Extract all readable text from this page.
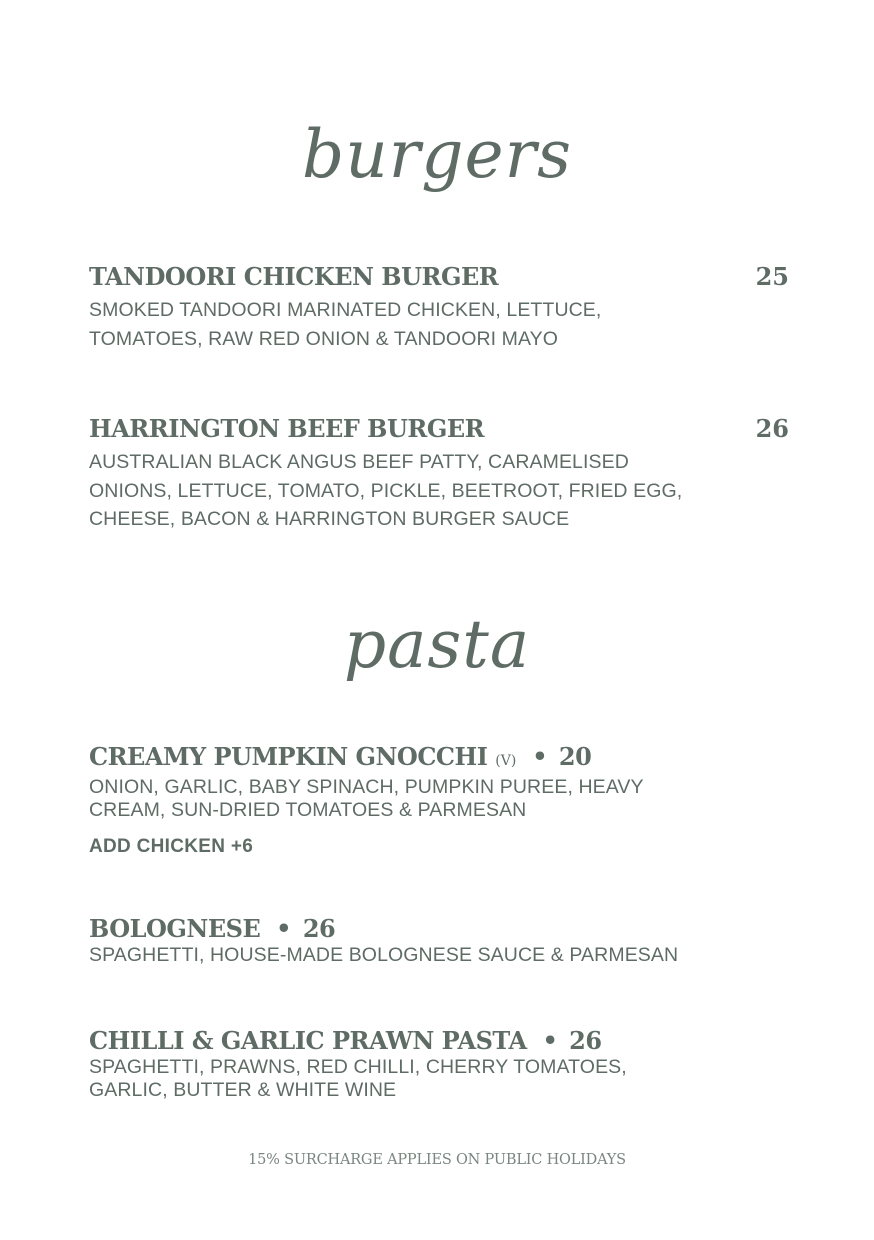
burgers
TANDOORI CHICKEN BURGER	25
SMOKED TANDOORI MARINATED CHICKEN, LETTUCE,
TOMATOES, RAW RED ONION & TANDOORI MAYO
HARRINGTON BEEF BURGER	26
AUSTRALIAN BLACK ANGUS BEEF PATTY, CARAMELISED
ONIONS, LETTUCE, TOMATO, PICKLE, BEETROOT, FRIED EGG,
CHEESE, BACON & HARRINGTON BURGER SAUCE
pasta
CREAMY PUMPKIN GNOCCHI (V) • 20
ONION, GARLIC, BABY SPINACH, PUMPKIN PUREE, HEAVY
CREAM, SUN-DRIED TOMATOES & PARMESAN
ADD CHICKEN +6
BOLOGNESE • 26
SPAGHETTI, HOUSE-MADE BOLOGNESE SAUCE & PARMESAN
CHILLI & GARLIC PRAWN PASTA • 26
SPAGHETTI, PRAWNS, RED CHILLI, CHERRY TOMATOES,
GARLIC, BUTTER & WHITE WINE
15% SURCHARGE APPLIES ON PUBLIC HOLIDAYS
